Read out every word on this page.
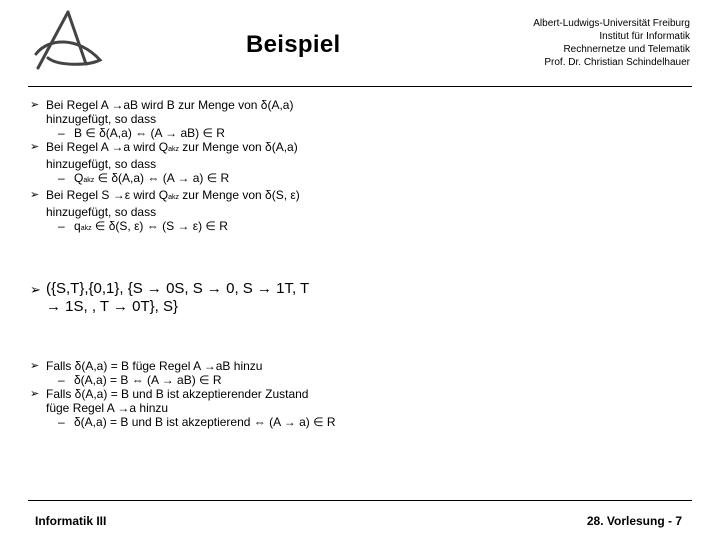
Beispiel
Albert-Ludwigs-Universität Freiburg
Institut für Informatik
Rechnernetze und Telematik
Prof. Dr. Christian Schindelhauer
➢ Bei Regel A →aB wird B zur Menge von δ(A,a)
hinzugefügt, so dass
– B ∈ δ(A,a) ⇔ (A → aB) ∈ R
➢ Bei Regel A →a wird Qakz zur Menge von δ(A,a)
hinzugefügt, so dass
– Qakz ∈ δ(A,a) ⇔ (A → a) ∈ R
➢ Bei Regel S →ε wird Qakz zur Menge von δ(S, ε)
hinzugefügt, so dass
– qakz ∈ δ(S, ε) ⇔ (S → ε) ∈ R
➢ ({S,T},{0,1}, {S → 0S, S → 0, S → 1T, T
→ 1S, , T → 0T}, S}
➢ Falls δ(A,a) = B füge Regel A →aB hinzu
– δ(A,a) = B ⇔ (A → aB) ∈ R
➢ Falls δ(A,a) = B und B ist akzeptierender Zustand
füge Regel A →a hinzu
– δ(A,a) = B und B ist akzeptierend ⇔ (A → a) ∈ R
Informatik III	28. Vorlesung - 7
